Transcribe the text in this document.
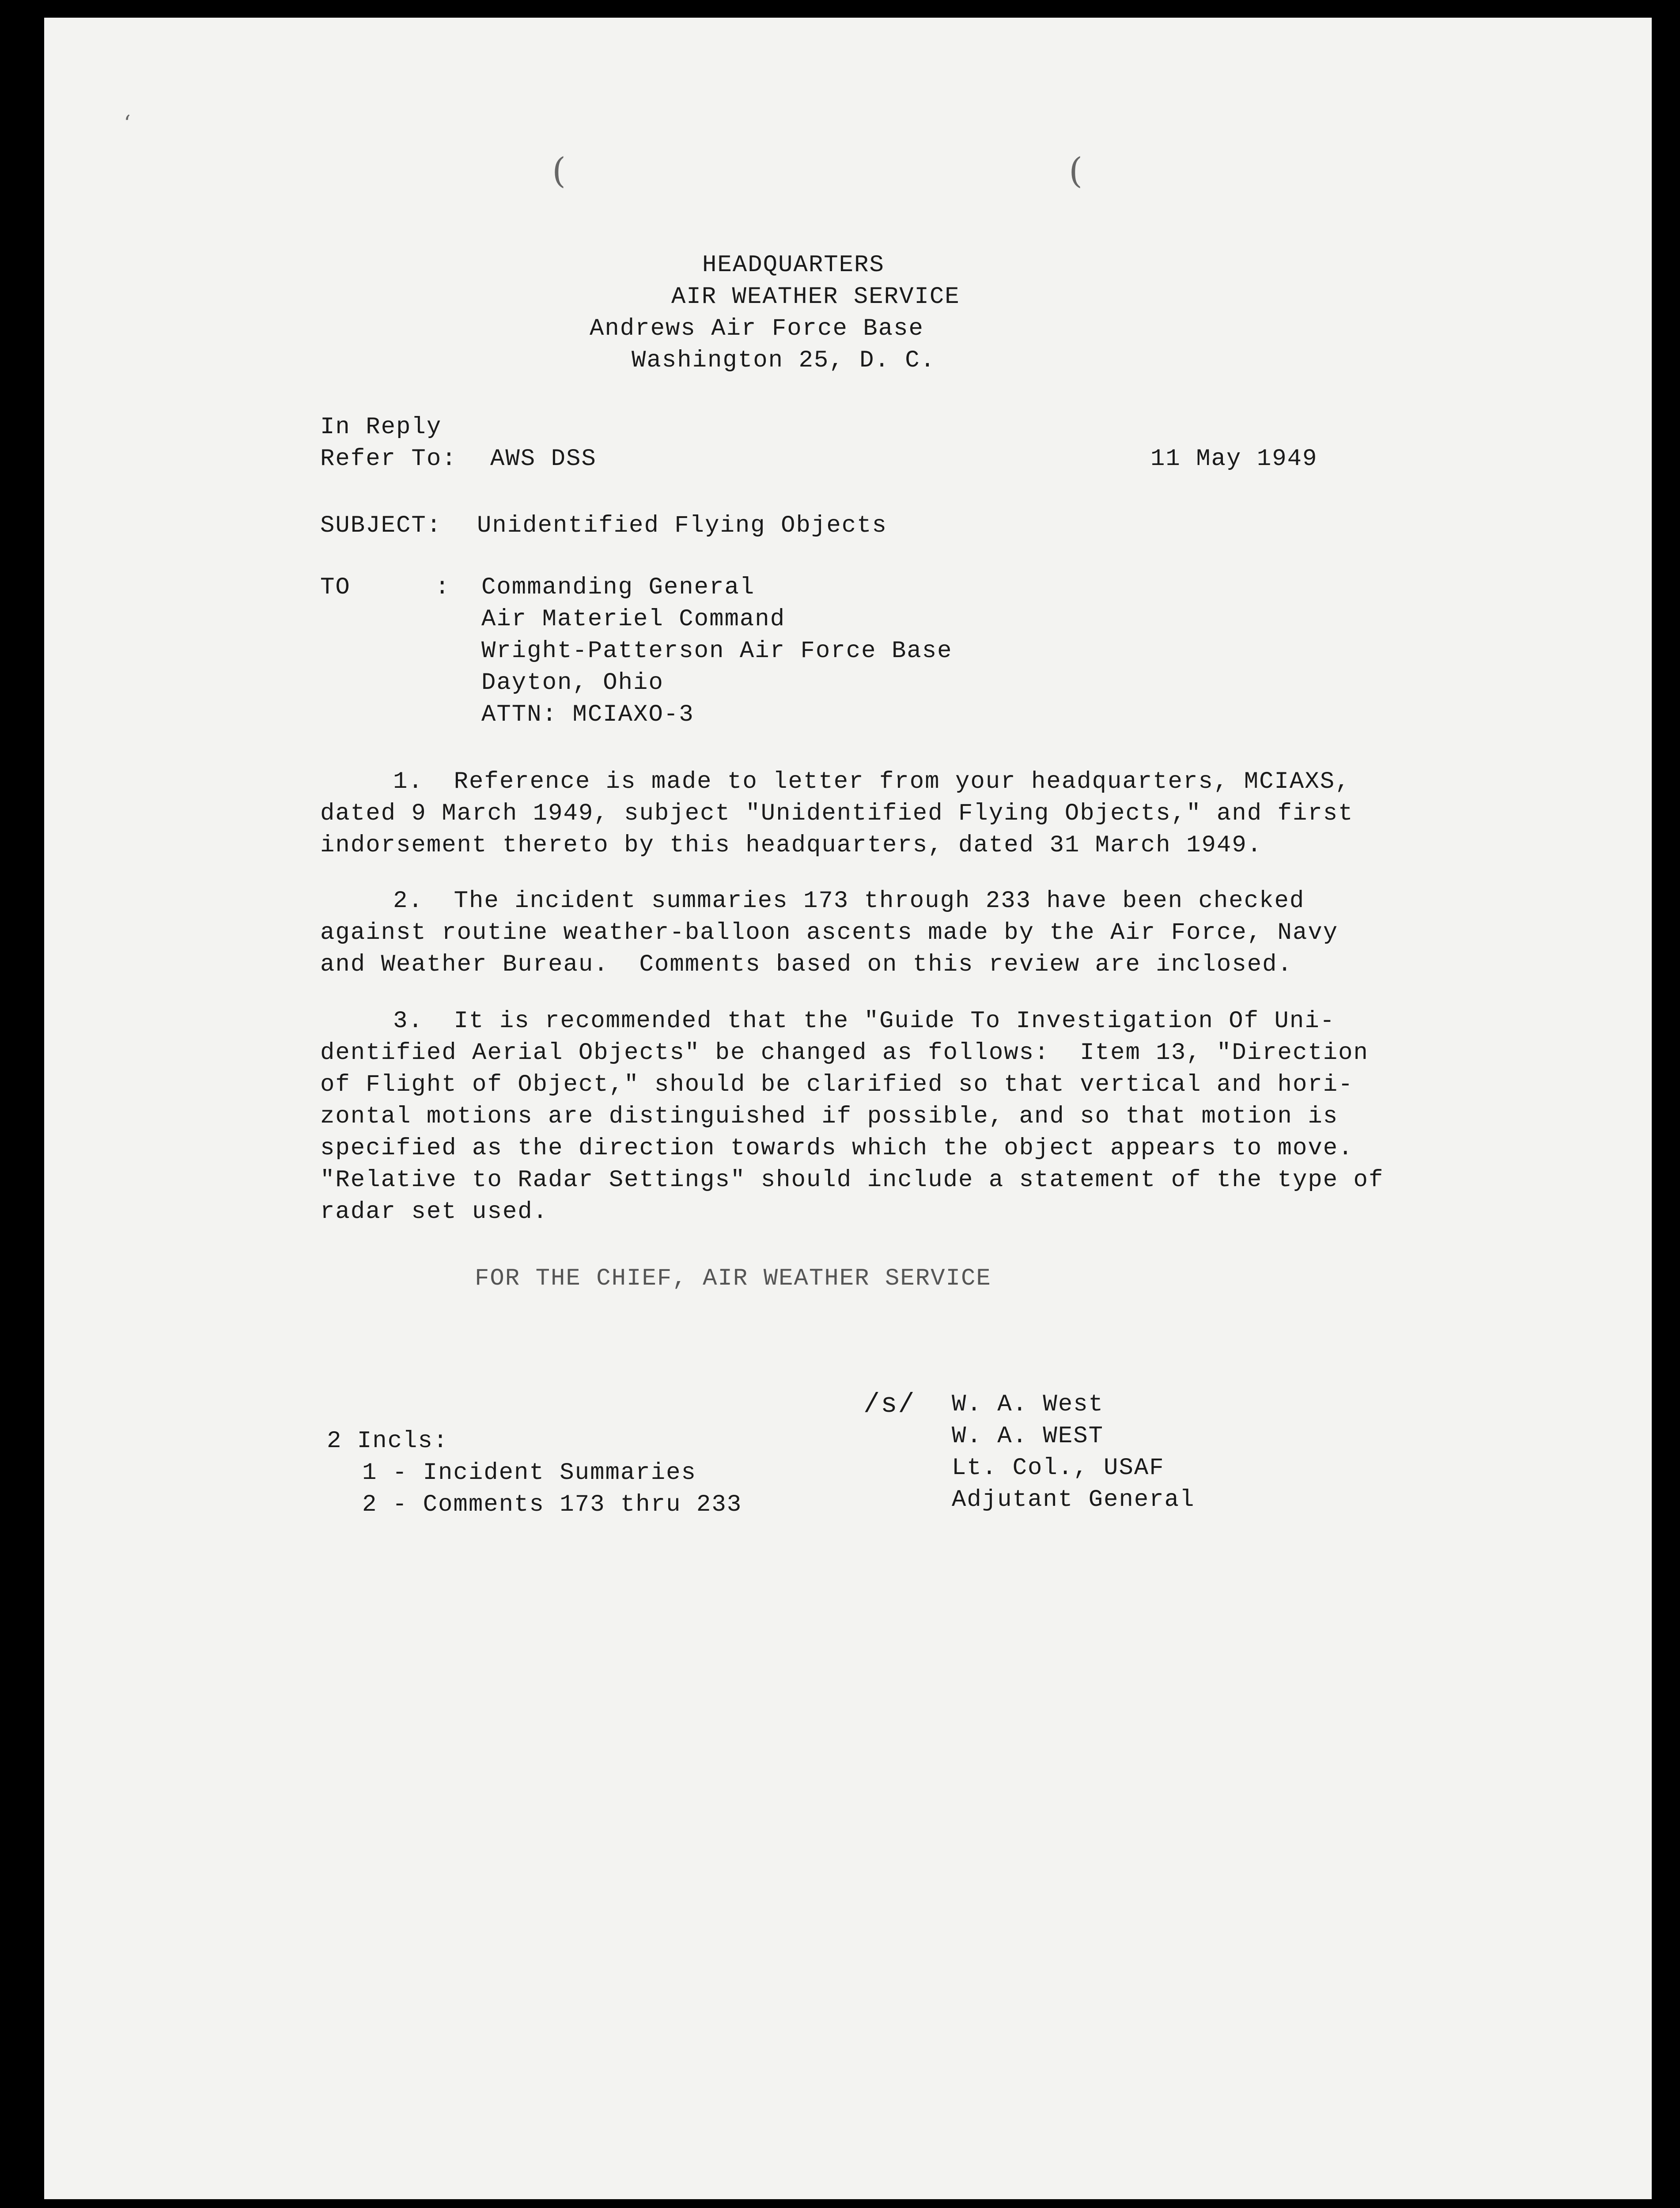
‘
(	(
HEADQUARTERS
AIR WEATHER SERVICE
Andrews Air Force Base
Washington 25, D. C.
In Reply
Refer To: AWS DSS	11 May 1949
SUBJECT: Unidentified Flying Objects
TO	: Commanding General
Air Materiel Command
Wright-Patterson Air Force Base
Dayton, Ohio
ATTN: MCIAXO-3
1.  Reference is made to letter from your headquarters, MCIAXS,
dated 9 March 1949, subject "Unidentified Flying Objects," and first
indorsement thereto by this headquarters, dated 31 March 1949.
2.  The incident summaries 173 through 233 have been checked
against routine weather-balloon ascents made by the Air Force, Navy
and Weather Bureau.  Comments based on this review are inclosed.
3.  It is recommended that the "Guide To Investigation Of Uni-
dentified Aerial Objects" be changed as follows:  Item 13, "Direction
of Flight of Object," should be clarified so that vertical and hori-
zontal motions are distinguished if possible, and so that motion is
specified as the direction towards which the object appears to move.
"Relative to Radar Settings" should include a statement of the type of
radar set used.
FOR THE CHIEF, AIR WEATHER SERVICE
/s/ W. A. West
W. A. WEST
Lt. Col., USAF
Adjutant General
2 Incls:
1 - Incident Summaries
2 - Comments 173 thru 233
